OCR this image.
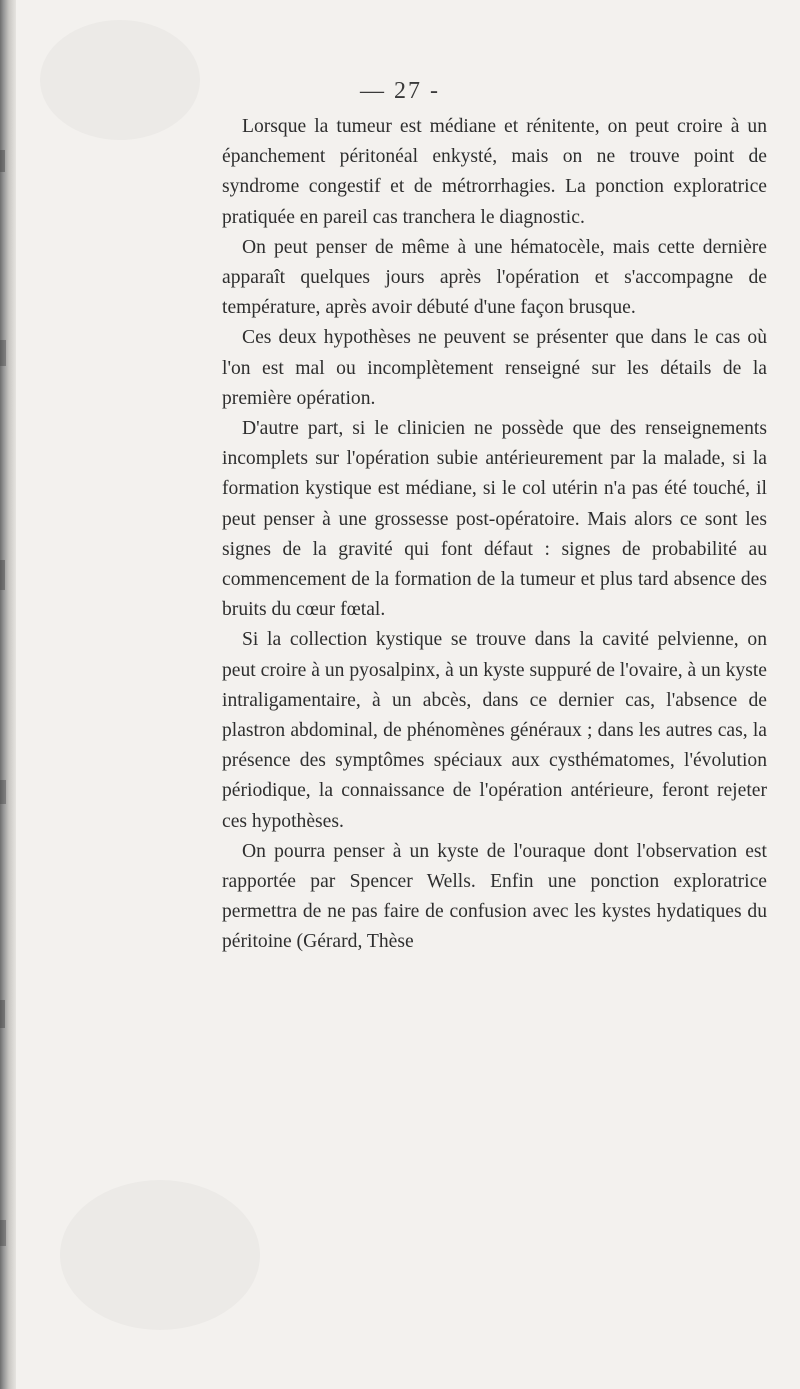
— 27 -

Lorsque la tumeur est médiane et rénitente, on peut croire à un épanchement péritonéal enkysté, mais on ne trouve point de syndrome congestif et de métrorrhagies. La ponction exploratrice pratiquée en pareil cas tranchera le diagnostic.

On peut penser de même à une hématocèle, mais cette dernière apparaît quelques jours après l'opération et s'accompagne de température, après avoir débuté d'une façon brusque.

Ces deux hypothèses ne peuvent se présenter que dans le cas où l'on est mal ou incomplètement renseigné sur les détails de la première opération.

D'autre part, si le clinicien ne possède que des renseignements incomplets sur l'opération subie antérieurement par la malade, si la formation kystique est médiane, si le col utérin n'a pas été touché, il peut penser à une grossesse post-opératoire. Mais alors ce sont les signes de la gravité qui font défaut : signes de probabilité au commencement de la formation de la tumeur et plus tard absence des bruits du cœur fœtal.

Si la collection kystique se trouve dans la cavité pelvienne, on peut croire à un pyosalpinx, à un kyste suppuré de l'ovaire, à un kyste intraligamentaire, à un abcès, dans ce dernier cas, l'absence de plastron abdominal, de phénomènes généraux ; dans les autres cas, la présence des symptômes spéciaux aux cysthématomes, l'évolution périodique, la connaissance de l'opération antérieure, feront rejeter ces hypothèses.

On pourra penser à un kyste de l'ouraque dont l'observation est rapportée par Spencer Wells. Enfin une ponction exploratrice permettra de ne pas faire de confusion avec les kystes hydatiques du péritoine (Gérard, Thèse
